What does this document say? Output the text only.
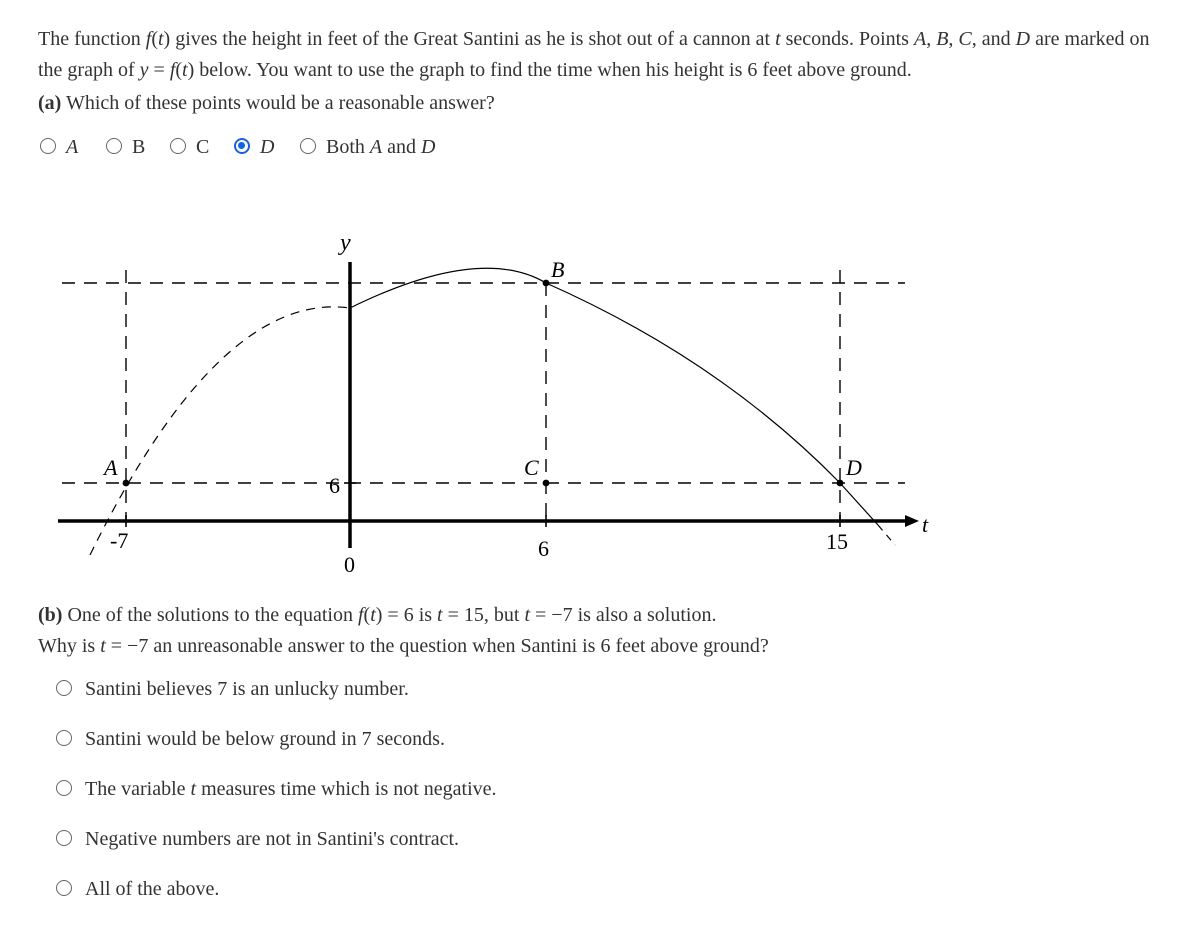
The function f(t) gives the height in feet of the Great Santini as he is shot out of a cannon at t seconds. Points A, B, C, and D are marked on the graph of y = f(t) below. You want to use the graph to find the time when his height is 6 feet above ground.

(a) Which of these points would be a reasonable answer?

A	B	C	D	Both A and D
y
t
6
-7
0
6	15
A
B
C	D

(b) One of the solutions to the equation f(t) = 6 is t = 15, but t = −7 is also a solution.
Why is t = −7 an unreasonable answer to the question when Santini is 6 feet above ground?

Santini believes 7 is an unlucky number.
Santini would be below ground in 7 seconds.
The variable t measures time which is not negative.
Negative numbers are not in Santini's contract.
All of the above.
